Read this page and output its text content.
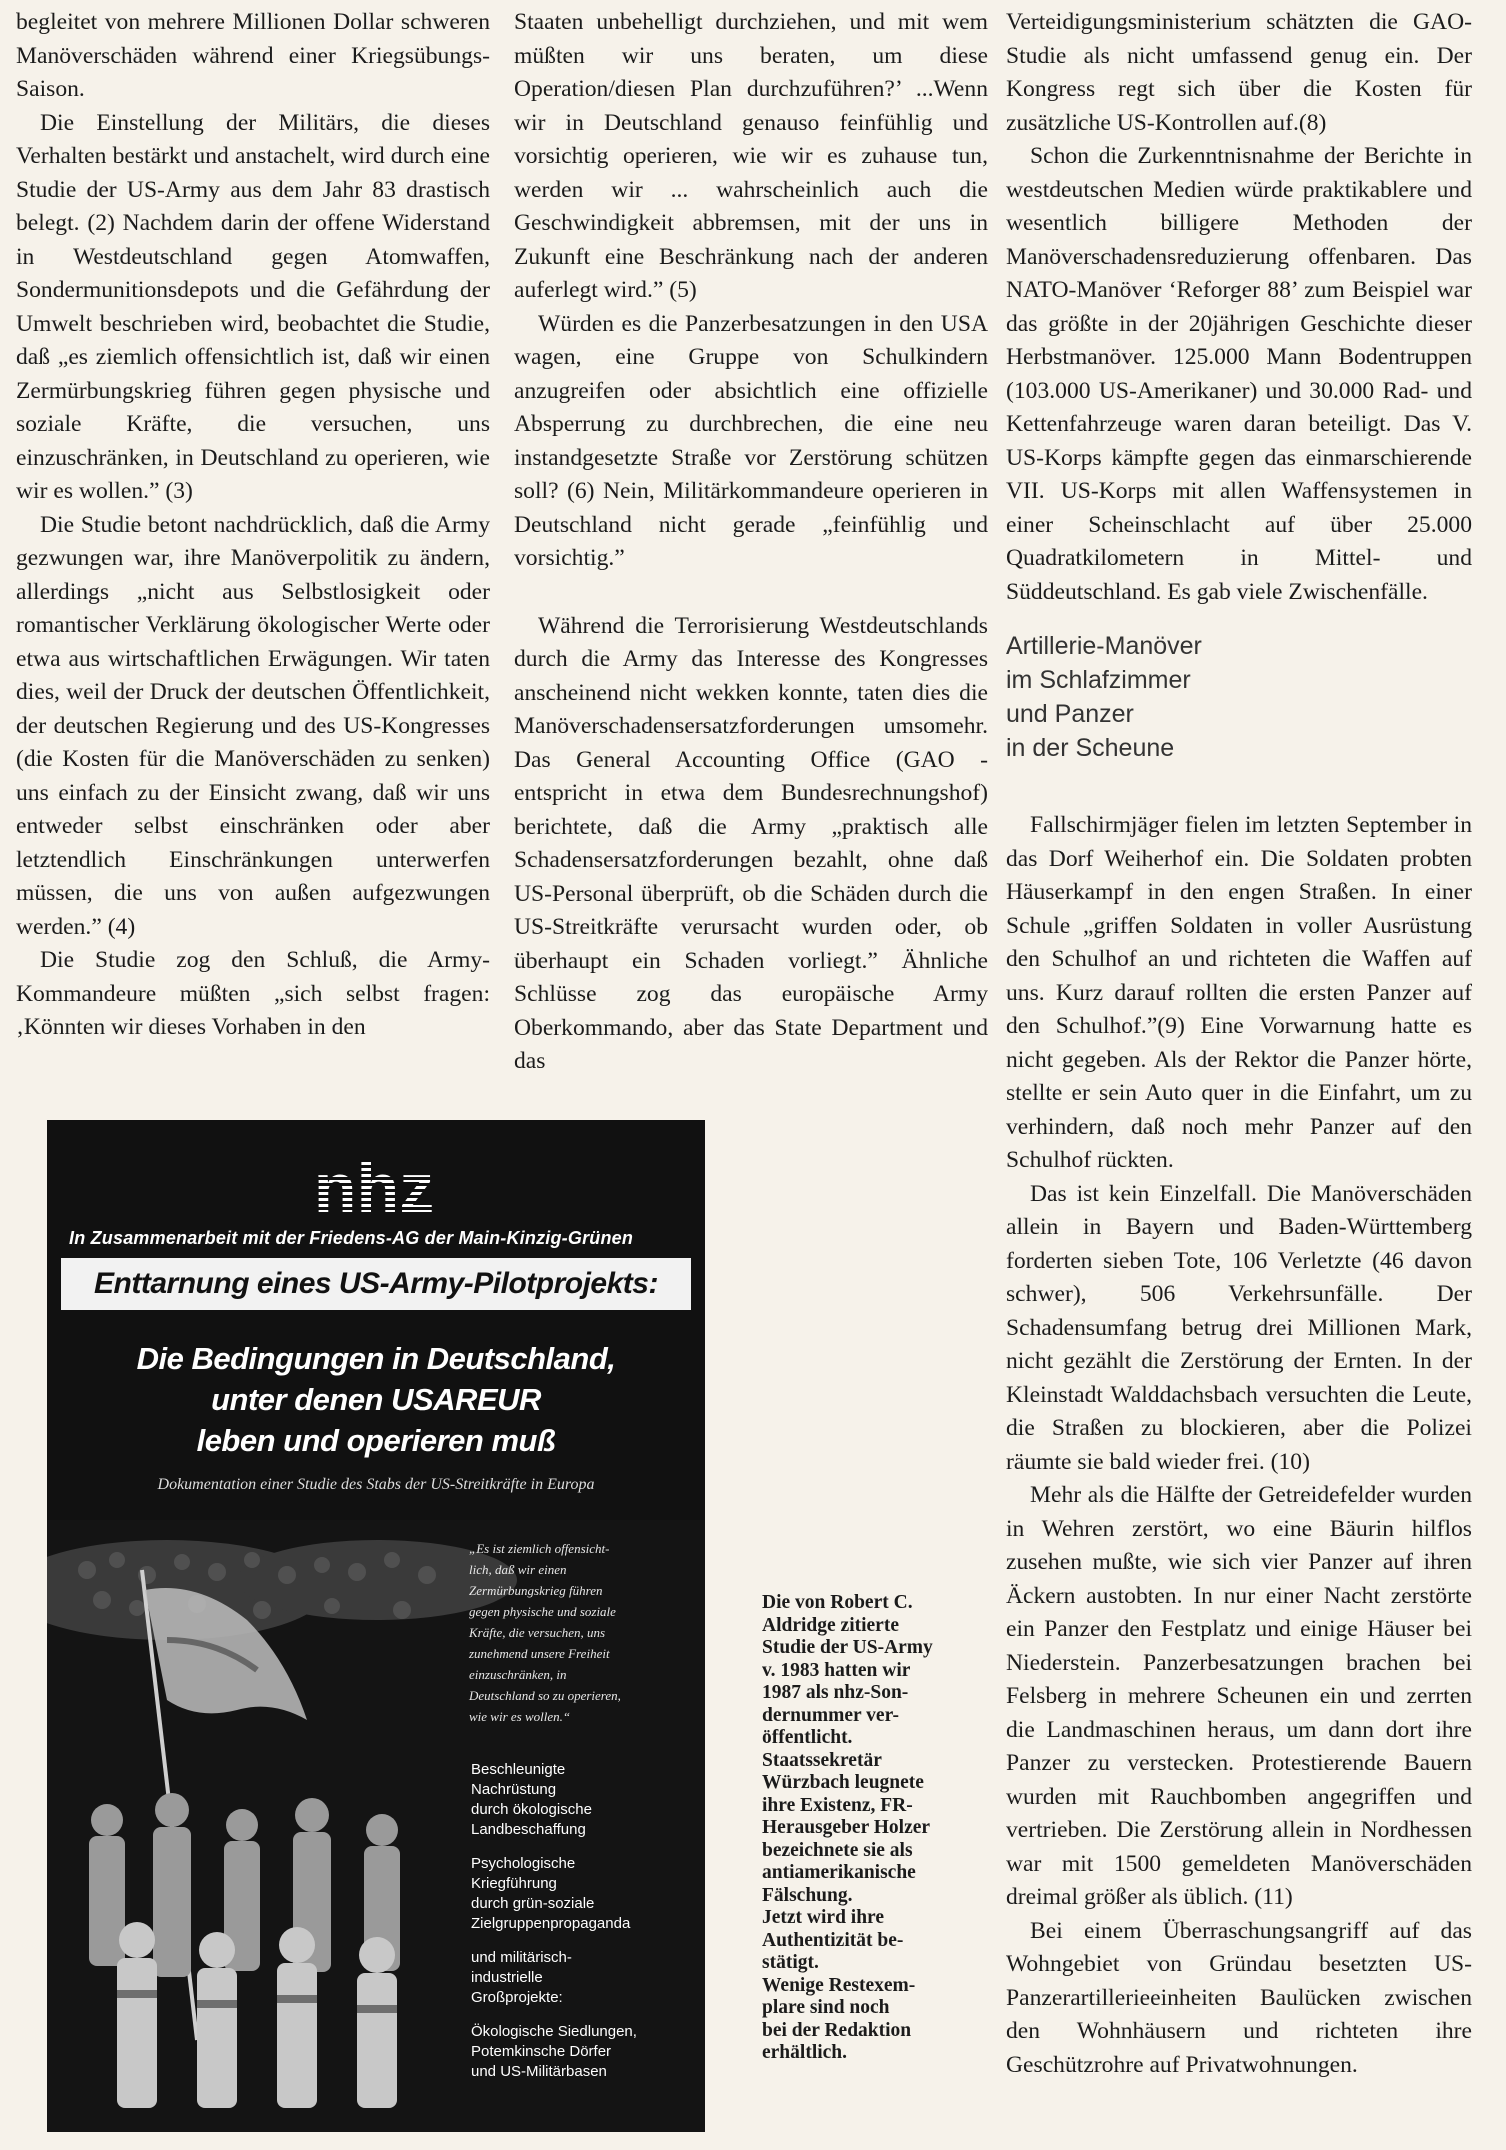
begleitet von mehrere Millionen Dollar schweren Manöverschäden während einer Kriegsübungs-Saison.

Die Einstellung der Militärs, die dieses Verhalten bestärkt und anstachelt, wird durch eine Studie der US-Army aus dem Jahr 83 drastisch belegt. (2) Nachdem darin der offene Widerstand in Westdeutschland gegen Atomwaffen, Sondermunitionsdepots und die Gefährdung der Umwelt beschrieben wird, beobachtet die Studie, daß „es ziemlich offensichtlich ist, daß wir einen Zermürbungskrieg führen gegen physische und soziale Kräfte, die versuchen, uns einzuschränken, in Deutschland zu operieren, wie wir es wollen.” (3)

Die Studie betont nachdrücklich, daß die Army gezwungen war, ihre Manöverpolitik zu ändern, allerdings „nicht aus Selbstlosigkeit oder romantischer Verklärung ökologischer Werte oder etwa aus wirtschaftlichen Erwägungen. Wir taten dies, weil der Druck der deutschen Öffentlichkeit, der deutschen Regierung und des US-Kongresses (die Kosten für die Manöverschäden zu senken) uns einfach zu der Einsicht zwang, daß wir uns entweder selbst einschränken oder aber letztendlich Einschränkungen unterwerfen müssen, die uns von außen aufgezwungen werden.” (4)

Die Studie zog den Schluß, die Army-Kommandeure müßten „sich selbst fragen:‚Könnten wir dieses Vorhaben in den

Staaten unbehelligt durchziehen, und mit wem müßten wir uns beraten, um diese Operation/diesen Plan durchzuführen?’ ...Wenn wir in Deutschland genauso feinfühlig und vorsichtig operieren, wie wir es zuhause tun, werden wir ... wahrscheinlich auch die Geschwindigkeit abbremsen, mit der uns in Zukunft eine Beschränkung nach der anderen auferlegt wird.” (5)

Würden es die Panzerbesatzungen in den USA wagen, eine Gruppe von Schulkindern anzugreifen oder absichtlich eine offizielle Absperrung zu durchbrechen, die eine neu instandgesetzte Straße vor Zerstörung schützen soll? (6) Nein, Militärkommandeure operieren in Deutschland nicht gerade „feinfühlig und vorsichtig.”

Während die Terrorisierung Westdeutschlands durch die Army das Interesse des Kongresses anscheinend nicht wekken konnte, taten dies die Manöverschadensersatzforderungen umsomehr. Das General Accounting Office (GAO - entspricht in etwa dem Bundesrechnungshof) berichtete, daß die Army „praktisch alle Schadensersatzforderungen bezahlt, ohne daß US-Personal überprüft, ob die Schäden durch die US-Streitkräfte verursacht wurden oder, ob überhaupt ein Schaden vorliegt.” Ähnliche Schlüsse zog das europäische Army Oberkommando, aber das State Department und das

Verteidigungsministerium schätzten die GAO-Studie als nicht umfassend genug ein. Der Kongress regt sich über die Kosten für zusätzliche US-Kontrollen auf.(8)

Schon die Zurkenntnisnahme der Berichte in westdeutschen Medien würde praktikablere und wesentlich billigere Methoden der Manöverschadensreduzierung offenbaren. Das NATO-Manöver ‘Reforger 88’ zum Beispiel war das größte in der 20jährigen Geschichte dieser Herbstmanöver. 125.000 Mann Bodentruppen (103.000 US-Amerikaner) und 30.000 Rad- und Kettenfahrzeuge waren daran beteiligt. Das V. US-Korps kämpfte gegen das einmarschierende VII. US-Korps mit allen Waffensystemen in einer Scheinschlacht auf über 25.000 Quadratkilometern in Mittel- und Süddeutschland. Es gab viele Zwischenfälle.

Artillerie-Manöver
im Schlafzimmer
und Panzer
in der Scheune

Fallschirmjäger fielen im letzten September in das Dorf Weiherhof ein. Die Soldaten probten Häuserkampf in den engen Straßen. In einer Schule „griffen Soldaten in voller Ausrüstung den Schulhof an und richteten die Waffen auf uns. Kurz darauf rollten die ersten Panzer auf den Schulhof.”(9) Eine Vorwarnung hatte es nicht gegeben. Als der Rektor die Panzer hörte, stellte er sein Auto quer in die Einfahrt, um zu verhindern, daß noch mehr Panzer auf den Schulhof rückten.

Das ist kein Einzelfall. Die Manöverschäden allein in Bayern und Baden-Württemberg forderten sieben Tote, 106 Verletzte (46 davon schwer), 506 Verkehrsunfälle. Der Schadensumfang betrug drei Millionen Mark, nicht gezählt die Zerstörung der Ernten. In der Kleinstadt Walddachsbach versuchten die Leute, die Straßen zu blockieren, aber die Polizei räumte sie bald wieder frei. (10)

Mehr als die Hälfte der Getreidefelder wurden in Wehren zerstört, wo eine Bäurin hilflos zusehen mußte, wie sich vier Panzer auf ihren Äckern austobten. In nur einer Nacht zerstörte ein Panzer den Festplatz und einige Häuser bei Niederstein. Panzerbesatzungen brachen bei Felsberg in mehrere Scheunen ein und zerrten die Landmaschinen heraus, um dann dort ihre Panzer zu verstecken. Protestierende Bauern wurden mit Rauchbomben angegriffen und vertrieben. Die Zerstörung allein in Nordhessen war mit 1500 gemeldeten Manöverschäden dreimal größer als üblich. (11)

Bei einem Überraschungsangriff auf das Wohngebiet von Gründau besetzten US-Panzerartillerieeinheiten Baulücken zwischen den Wohnhäusern und richteten ihre Geschützrohre auf Privatwohnungen.

nhz
In Zusammenarbeit mit der Friedens-AG der Main-Kinzig-Grünen
Enttarnung eines US-Army-Pilotprojekts:
Die Bedingungen in Deutschland,
unter denen USAREUR
leben und operieren muß
Dokumentation einer Studie des Stabs der US-Streitkräfte in Europa
„Es ist ziemlich offensicht-
lich, daß wir einen
Zermürbungskrieg führen
gegen physische und soziale
Kräfte, die versuchen, uns
zunehmend unsere Freiheit
einzuschränken, in
Deutschland so zu operieren,
wie wir es wollen.“
Beschleunigte
Nachrüstung
durch ökologische
Landbeschaffung
Psychologische
Kriegführung
durch grün-soziale
Zielgruppenpropaganda
und militärisch-
industrielle
Großprojekte:
Ökologische Siedlungen,
Potemkinsche Dörfer
und US-Militärbasen
Die von Robert C.
Aldridge zitierte
Studie der US-Army
v. 1983 hatten wir
1987 als nhz-Son-
dernummer ver-
öffentlicht.
Staatssekretär
Würzbach leugnete
ihre Existenz, FR-
Herausgeber Holzer
bezeichnete sie als
antiamerikanische
Fälschung.
Jetzt wird ihre
Authentizität be-
stätigt.
Wenige Restexem-
plare sind noch
bei der Redaktion
erhältlich.
